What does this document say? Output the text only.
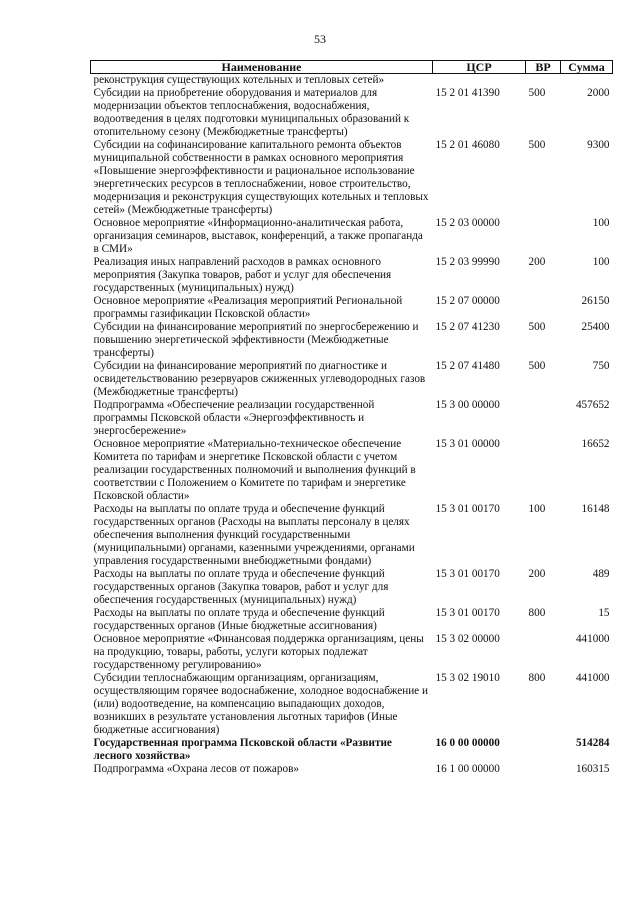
53
Наименование	ЦСР	ВР	Сумма
реконструкция существующих котельных и тепловых сетей»			
Субсидии на приобретение оборудования и материалов для модернизации объектов теплоснабжения, водоснабжения, водоотведения в целях подготовки муниципальных образований к отопительному сезону (Межбюджетные трансферты)	15 2 01 41390	500	2000
Субсидии на софинансирование капитального ремонта объектов муниципальной собственности в рамках основного мероприятия «Повышение энергоэффективности и рациональное использование энергетических ресурсов в теплоснабжении, новое строительство, модернизация и реконструкция существующих котельных и тепловых сетей» (Межбюджетные трансферты)	15 2 01 46080	500	9300
Основное мероприятие «Информационно-аналитическая работа, организация семинаров, выставок, конференций, а также пропаганда в СМИ»	15 2 03 00000		100
Реализация иных направлений расходов в рамках основного мероприятия (Закупка товаров, работ и услуг для обеспечения государственных (муниципальных) нужд)	15 2 03 99990	200	100
Основное мероприятие «Реализация мероприятий Региональной программы газификации Псковской области»	15 2 07 00000		26150
Субсидии на финансирование мероприятий по энергосбережению и повышению энергетической эффективности (Межбюджетные трансферты)	15 2 07 41230	500	25400
Субсидии на финансирование мероприятий по диагностике и освидетельствованию резервуаров сжиженных углеводородных газов (Межбюджетные трансферты)	15 2 07 41480	500	750
Подпрограмма «Обеспечение реализации государственной программы Псковской области «Энергоэффективность и энергосбережение»	15 3 00 00000		457652
Основное мероприятие «Материально-техническое обеспечение Комитета по тарифам и энергетике Псковской области с учетом реализации государственных полномочий и выполнения функций в соответствии с Положением о Комитете по тарифам и энергетике Псковской области»	15 3 01 00000		16652
Расходы на выплаты по оплате труда и обеспечение функций государственных органов (Расходы на выплаты персоналу в целях обеспечения выполнения функций государственными (муниципальными) органами, казенными учреждениями, органами управления государственными внебюджетными фондами)	15 3 01 00170	100	16148
Расходы на выплаты по оплате труда и обеспечение функций государственных органов (Закупка товаров, работ и услуг для обеспечения государственных (муниципальных) нужд)	15 3 01 00170	200	489
Расходы на выплаты по оплате труда и обеспечение функций государственных органов (Иные бюджетные ассигнования)	15 3 01 00170	800	15
Основное мероприятие «Финансовая поддержка организациям, цены на продукцию, товары, работы, услуги которых подлежат государственному регулированию»	15 3 02 00000		441000
Субсидии теплоснабжающим организациям, организациям, осуществляющим горячее водоснабжение, холодное водоснабжение и (или) водоотведение, на компенсацию выпадающих доходов, возникших в результате установления льготных тарифов (Иные бюджетные ассигнования)	15 3 02 19010	800	441000
Государственная программа Псковской области «Развитие лесного хозяйства»	16 0 00 00000		514284
Подпрограмма «Охрана лесов от пожаров»	16 1 00 00000		160315
